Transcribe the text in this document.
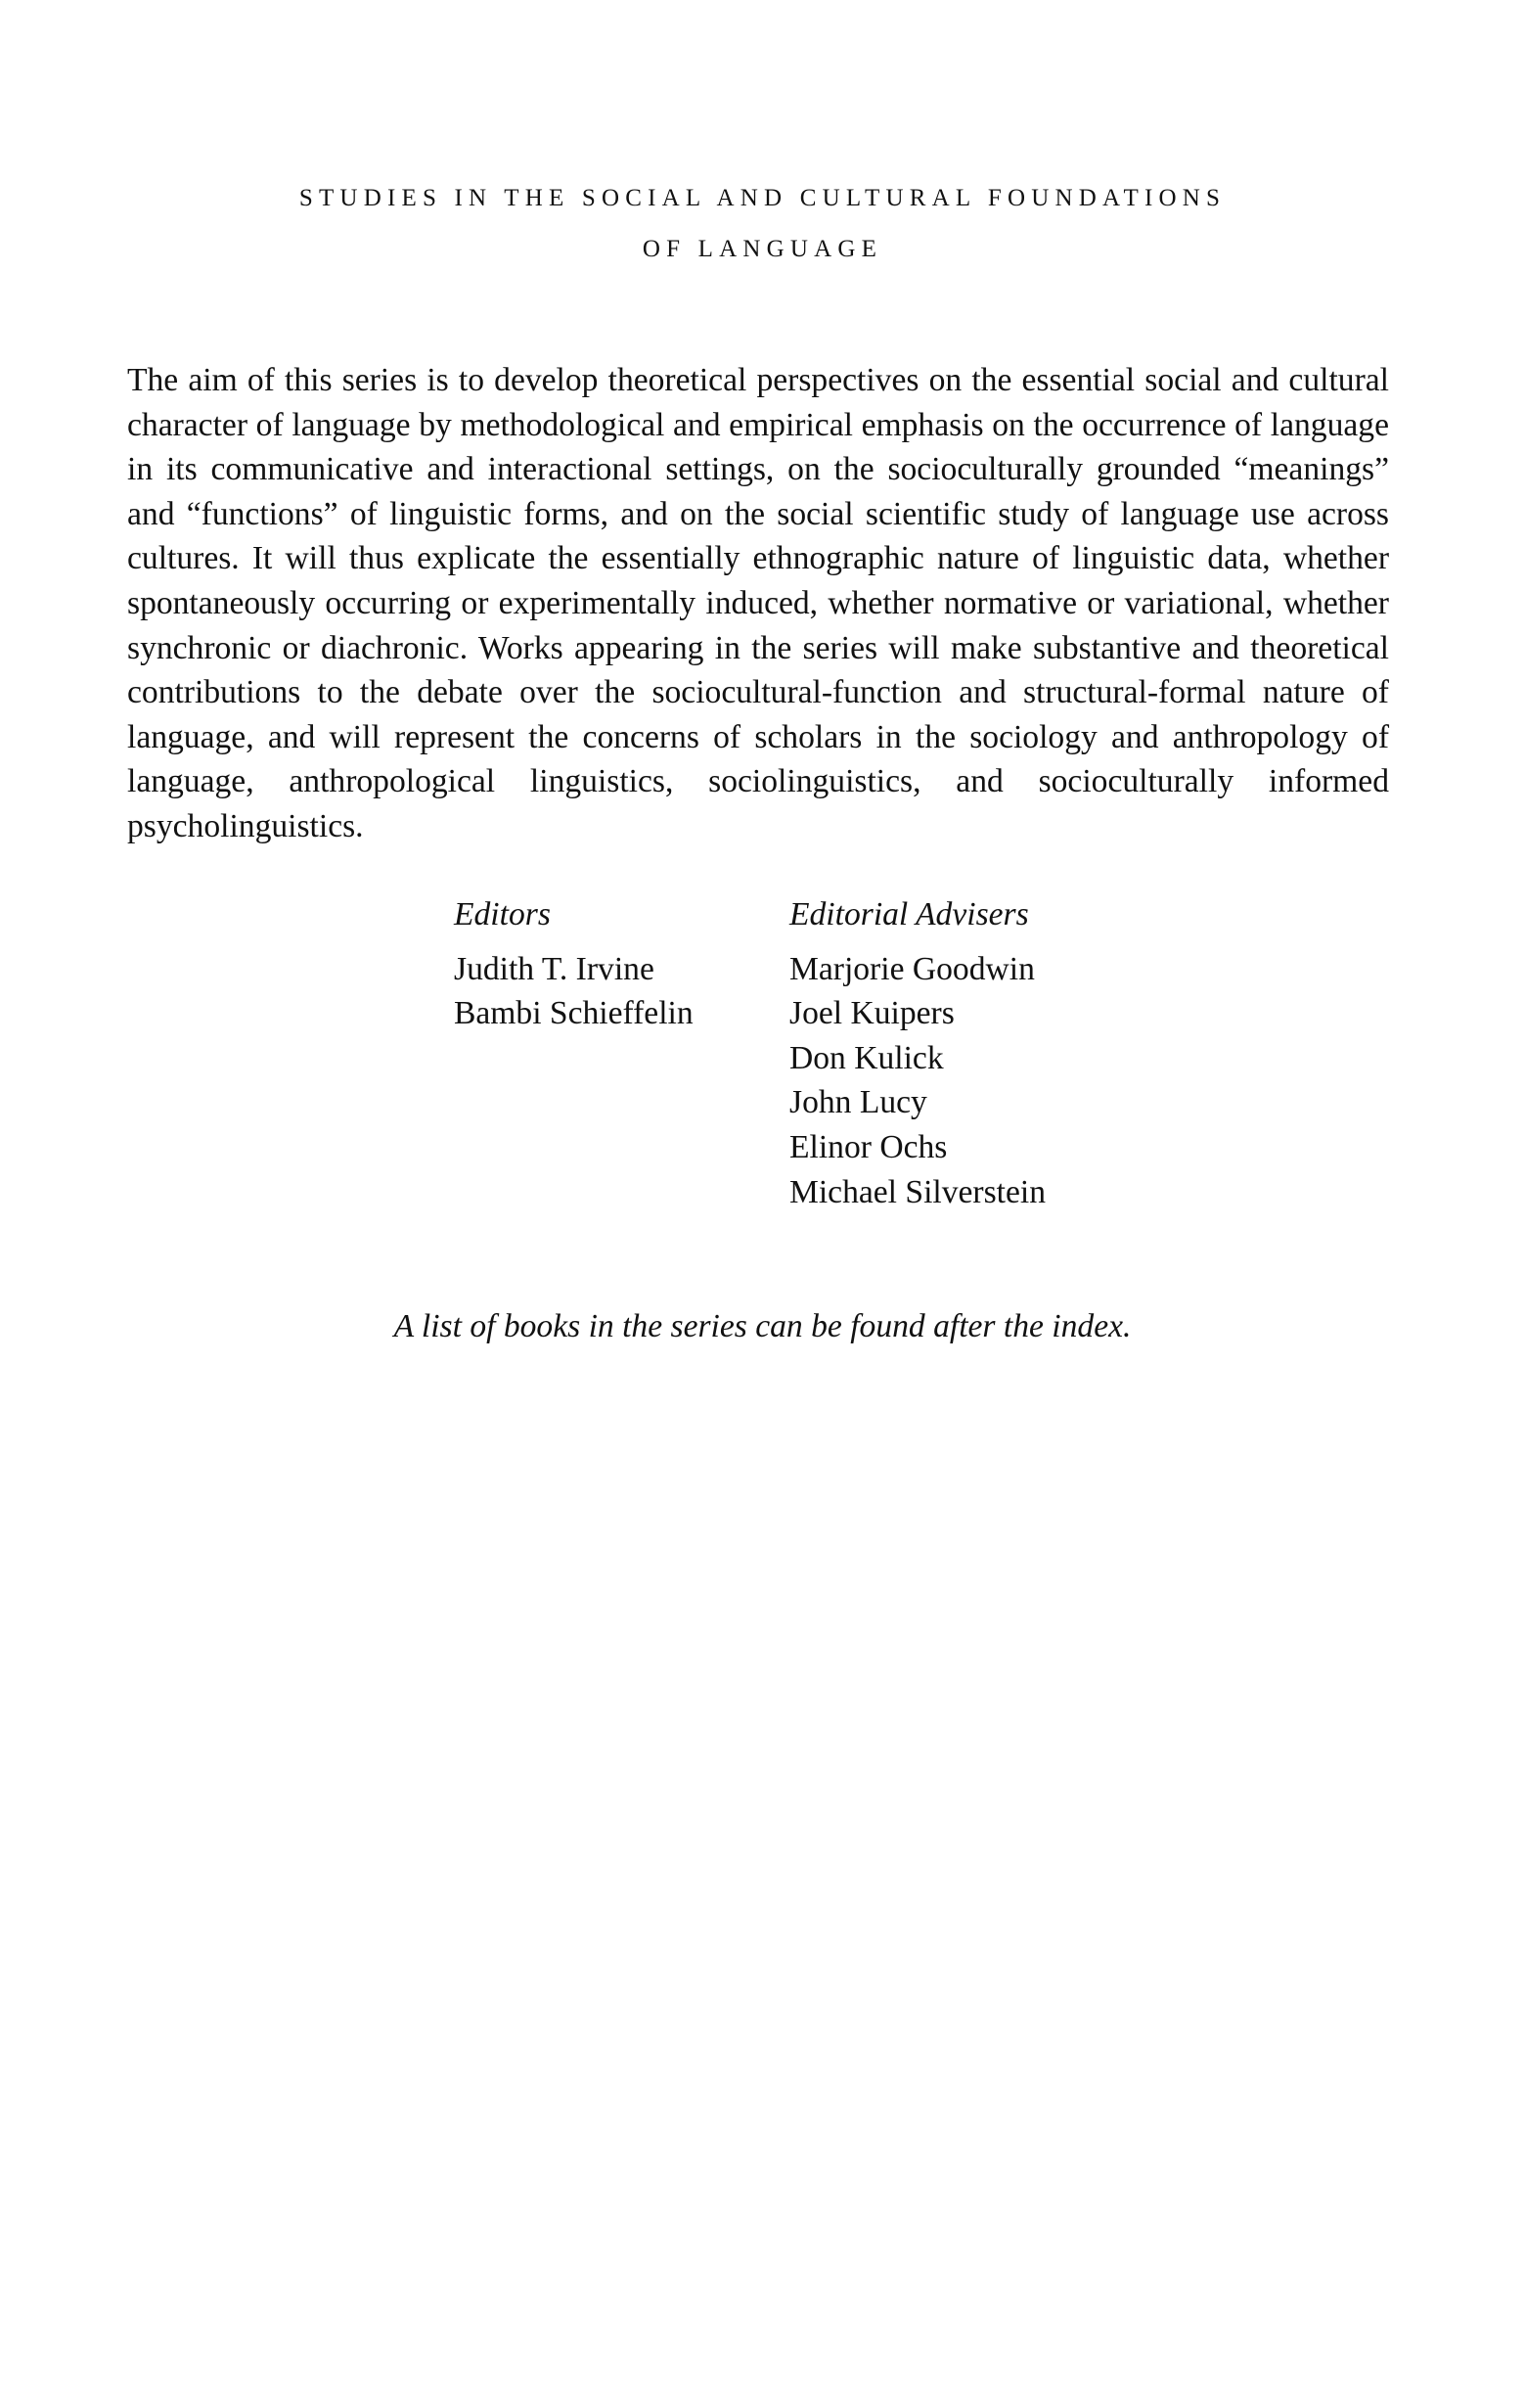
STUDIES IN THE SOCIAL AND CULTURAL FOUNDATIONS
OF LANGUAGE

The aim of this series is to develop theoretical perspectives on the essential social and cultural character of language by methodological and empirical emphasis on the occurrence of language in its communicative and interactional settings, on the socioculturally grounded “meanings” and “functions” of linguistic forms, and on the social scientific study of language use across cultures. It will thus explicate the essentially ethnographic nature of linguistic data, whether spontaneously occurring or experimentally induced, whether normative or variational, whether synchronic or diachronic. Works appearing in the series will make substantive and theoretical contributions to the debate over the sociocultural-function and structural-formal nature of language, and will represent the concerns of scholars in the sociology and anthropology of language, anthropological linguistics, sociolinguistics, and socioculturally informed psycholinguistics.

Editors
Judith T. Irvine
Bambi Schieffelin
Editorial Advisers
Marjorie Goodwin
Joel Kuipers
Don Kulick
John Lucy
Elinor Ochs
Michael Silverstein
A list of books in the series can be found after the index.
